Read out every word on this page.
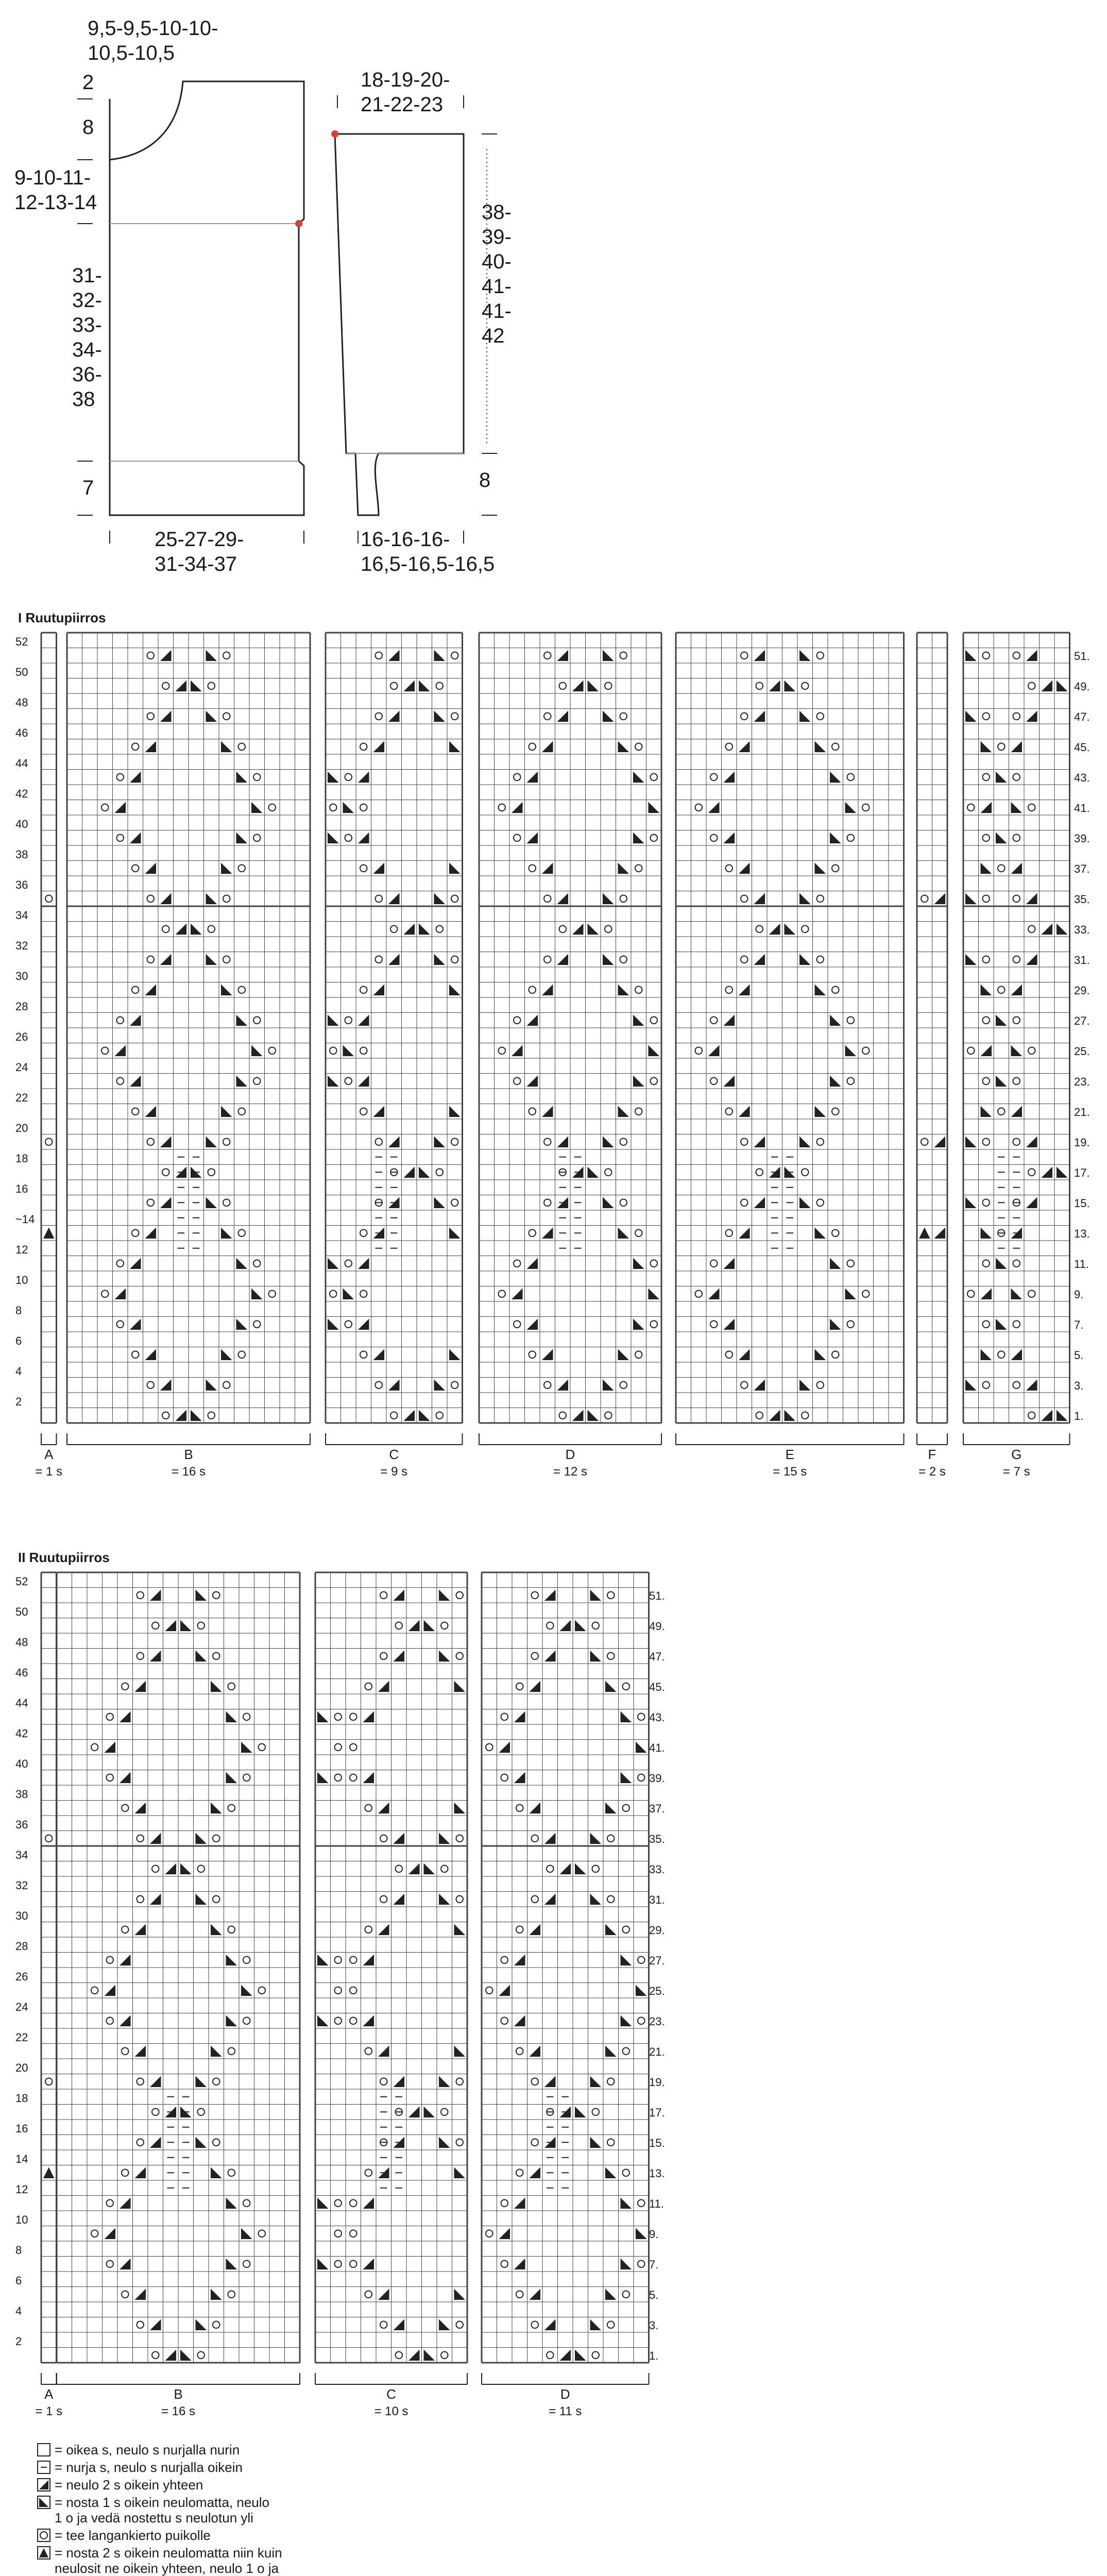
9,5-9,5-10-10-10,5-10,5
2
8
9-10-11-12-13-14
31-32-33-34-36-38
7
25-27-29-31-34-37
18-19-20-21-22-23
38-39-40-41-41-42
8
16-16-16-16,5-16,5-16,5
I Ruutupiirros
52
50
48
46
44
42
40
38
36
34
32
30
28
26
24
22
20
18
16
~14
12
10
8
6
4
2
51.
49.
47.
45.
43.
41.
39.
37.
35.
33.
31.
29.
27.
25.
23.
21.
19.
17.
15.
13.
11.
9.
7.
5.
3.
1.
A
= 1 s
B
= 16 s
C
= 9 s
D
= 12 s
E
= 15 s
F
= 2 s
G
= 7 s
II Ruutupiirros
52
50
48
46
44
42
40
38
36
34
32
30
28
26
24
22
20
18
16
14
12
10
8
6
4
2
51.
49.
47.
45.
43.
41.
39.
37.
35.
33.
31.
29.
27.
25.
23.
21.
19.
17.
15.
13.
11.
9.
7.
5.
3.
1.
A
= 1 s
B
= 16 s
C
= 10 s
D
= 11 s
= oikea s, neulo s nurjalla nurin
= nurja s, neulo s nurjalla oikein
= neulo 2 s oikein yhteen
= nosta 1 s oikein neulomatta, neulo
1 o ja vedä nostettu s neulotun yli
= tee langankierto puikolle
= nosta 2 s oikein neulomatta niin kuin
neulosit ne oikein yhteen, neulo 1 o ja
